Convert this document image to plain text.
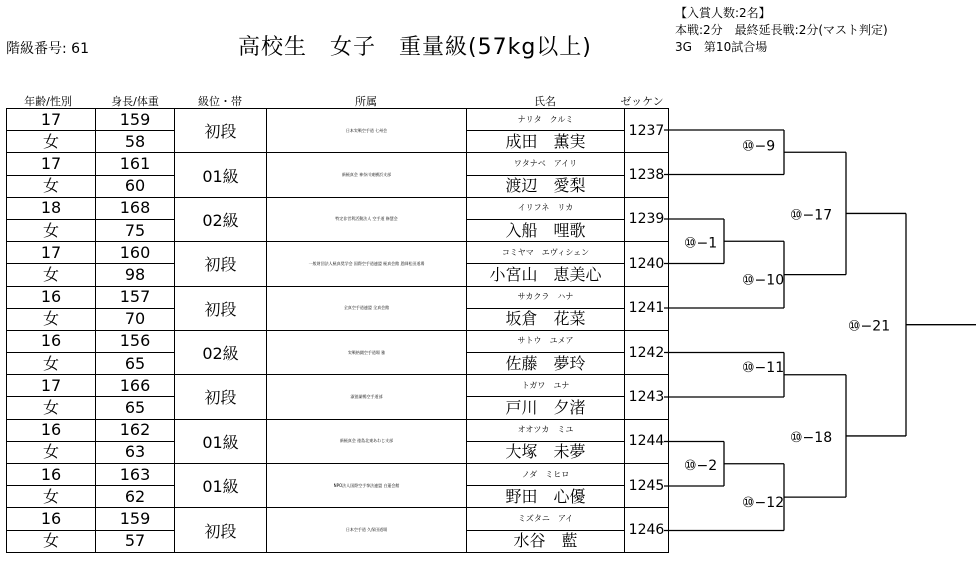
階級番号: 61	高校生　女子　重量級(57kg以上)
【入賞人数:2名】
本戦:2分　最終延長戦:2分(マスト判定)
3G　第10試合場
年齢/性別	身長/体重	級位・帯	所属	氏名	ゼッケン
17	159	初段	日本実戦空手道 七州会	ナリタ　クルミ	1237
女	58			成田　薫実	
17	161	01級	新極真会 神奈川東横浜支部	ワタナベ　アイリ	1238
女	60			渡辺　愛梨	
18	168	02級	特定非営利活動法人 空手道 修慧会	イリフネ　リカ	1239
女	75			入船　哩歌	
17	160	初段	一般財団法人極真奨学会 国際空手道連盟 極真会館 恩師松田道場	コミヤマ　エヴィシェン	1240
女	98			小宮山　恵美心	
16	157	初段	全真空手道連盟 全真会館	サカクラ　ハナ	1241
女	70			坂倉　花菜	
16	156	02級	実戦格闘空手道場 雅	サトウ　ユメア	1242
女	65			佐藤　夢玲	
17	166	初段	淑徳巣鴨空手道部	トガワ　ユナ	1243
女	65			戸川　夕渚	
16	162	01級	新極真会 徳島北東あわじ支部	オオツカ　ミユ	1244
女	63			大塚　未夢	
16	163	01級	NPO法人国際空手拳法連盟 白蓮会館	ノダ　ミヒロ	1245
女	62			野田　心優	
16	159	初段	日本空手道 久保田道場	ミズタニ　アイ	1246
女	57			水谷　藍	
⑩−1
⑩−2
⑩−9
⑩−10
⑩−11
⑩−12
⑩−17
⑩−18
⑩−21
